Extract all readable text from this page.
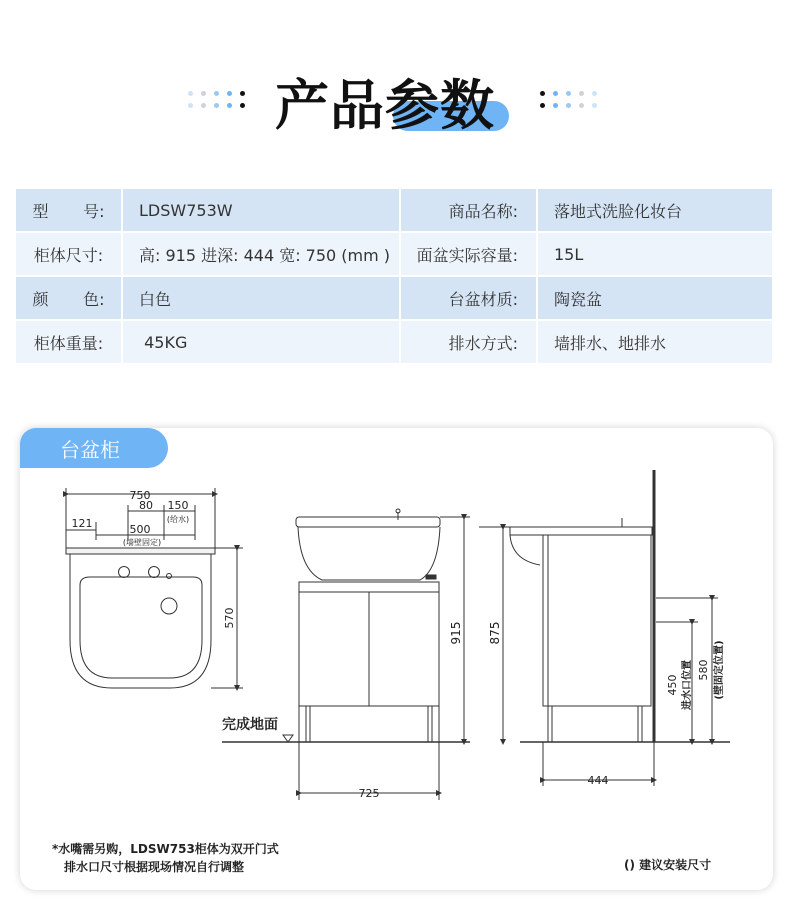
产品参数
型 号:	LDSW753W	商品名称:	落地式洗脸化妆台
柜体尺寸:	高: 915 进深: 444 宽: 750 (mm )	面盆实际容量:	15L

颜 色:	白色	台盆材质:	陶瓷盆
柜体重量:	45KG	排水方式:	墙排水、地排水
台盆柜
750
80 150
(给水)
121	500
(墙壁固定)
570
完成地面
915 875
725
444
450 进水口位置 580 (壁固定位置)
*水嘴需另购，LDSW753柜体为双开门式
排水口尺寸根据现场情况自行调整	() 建议安装尺寸
